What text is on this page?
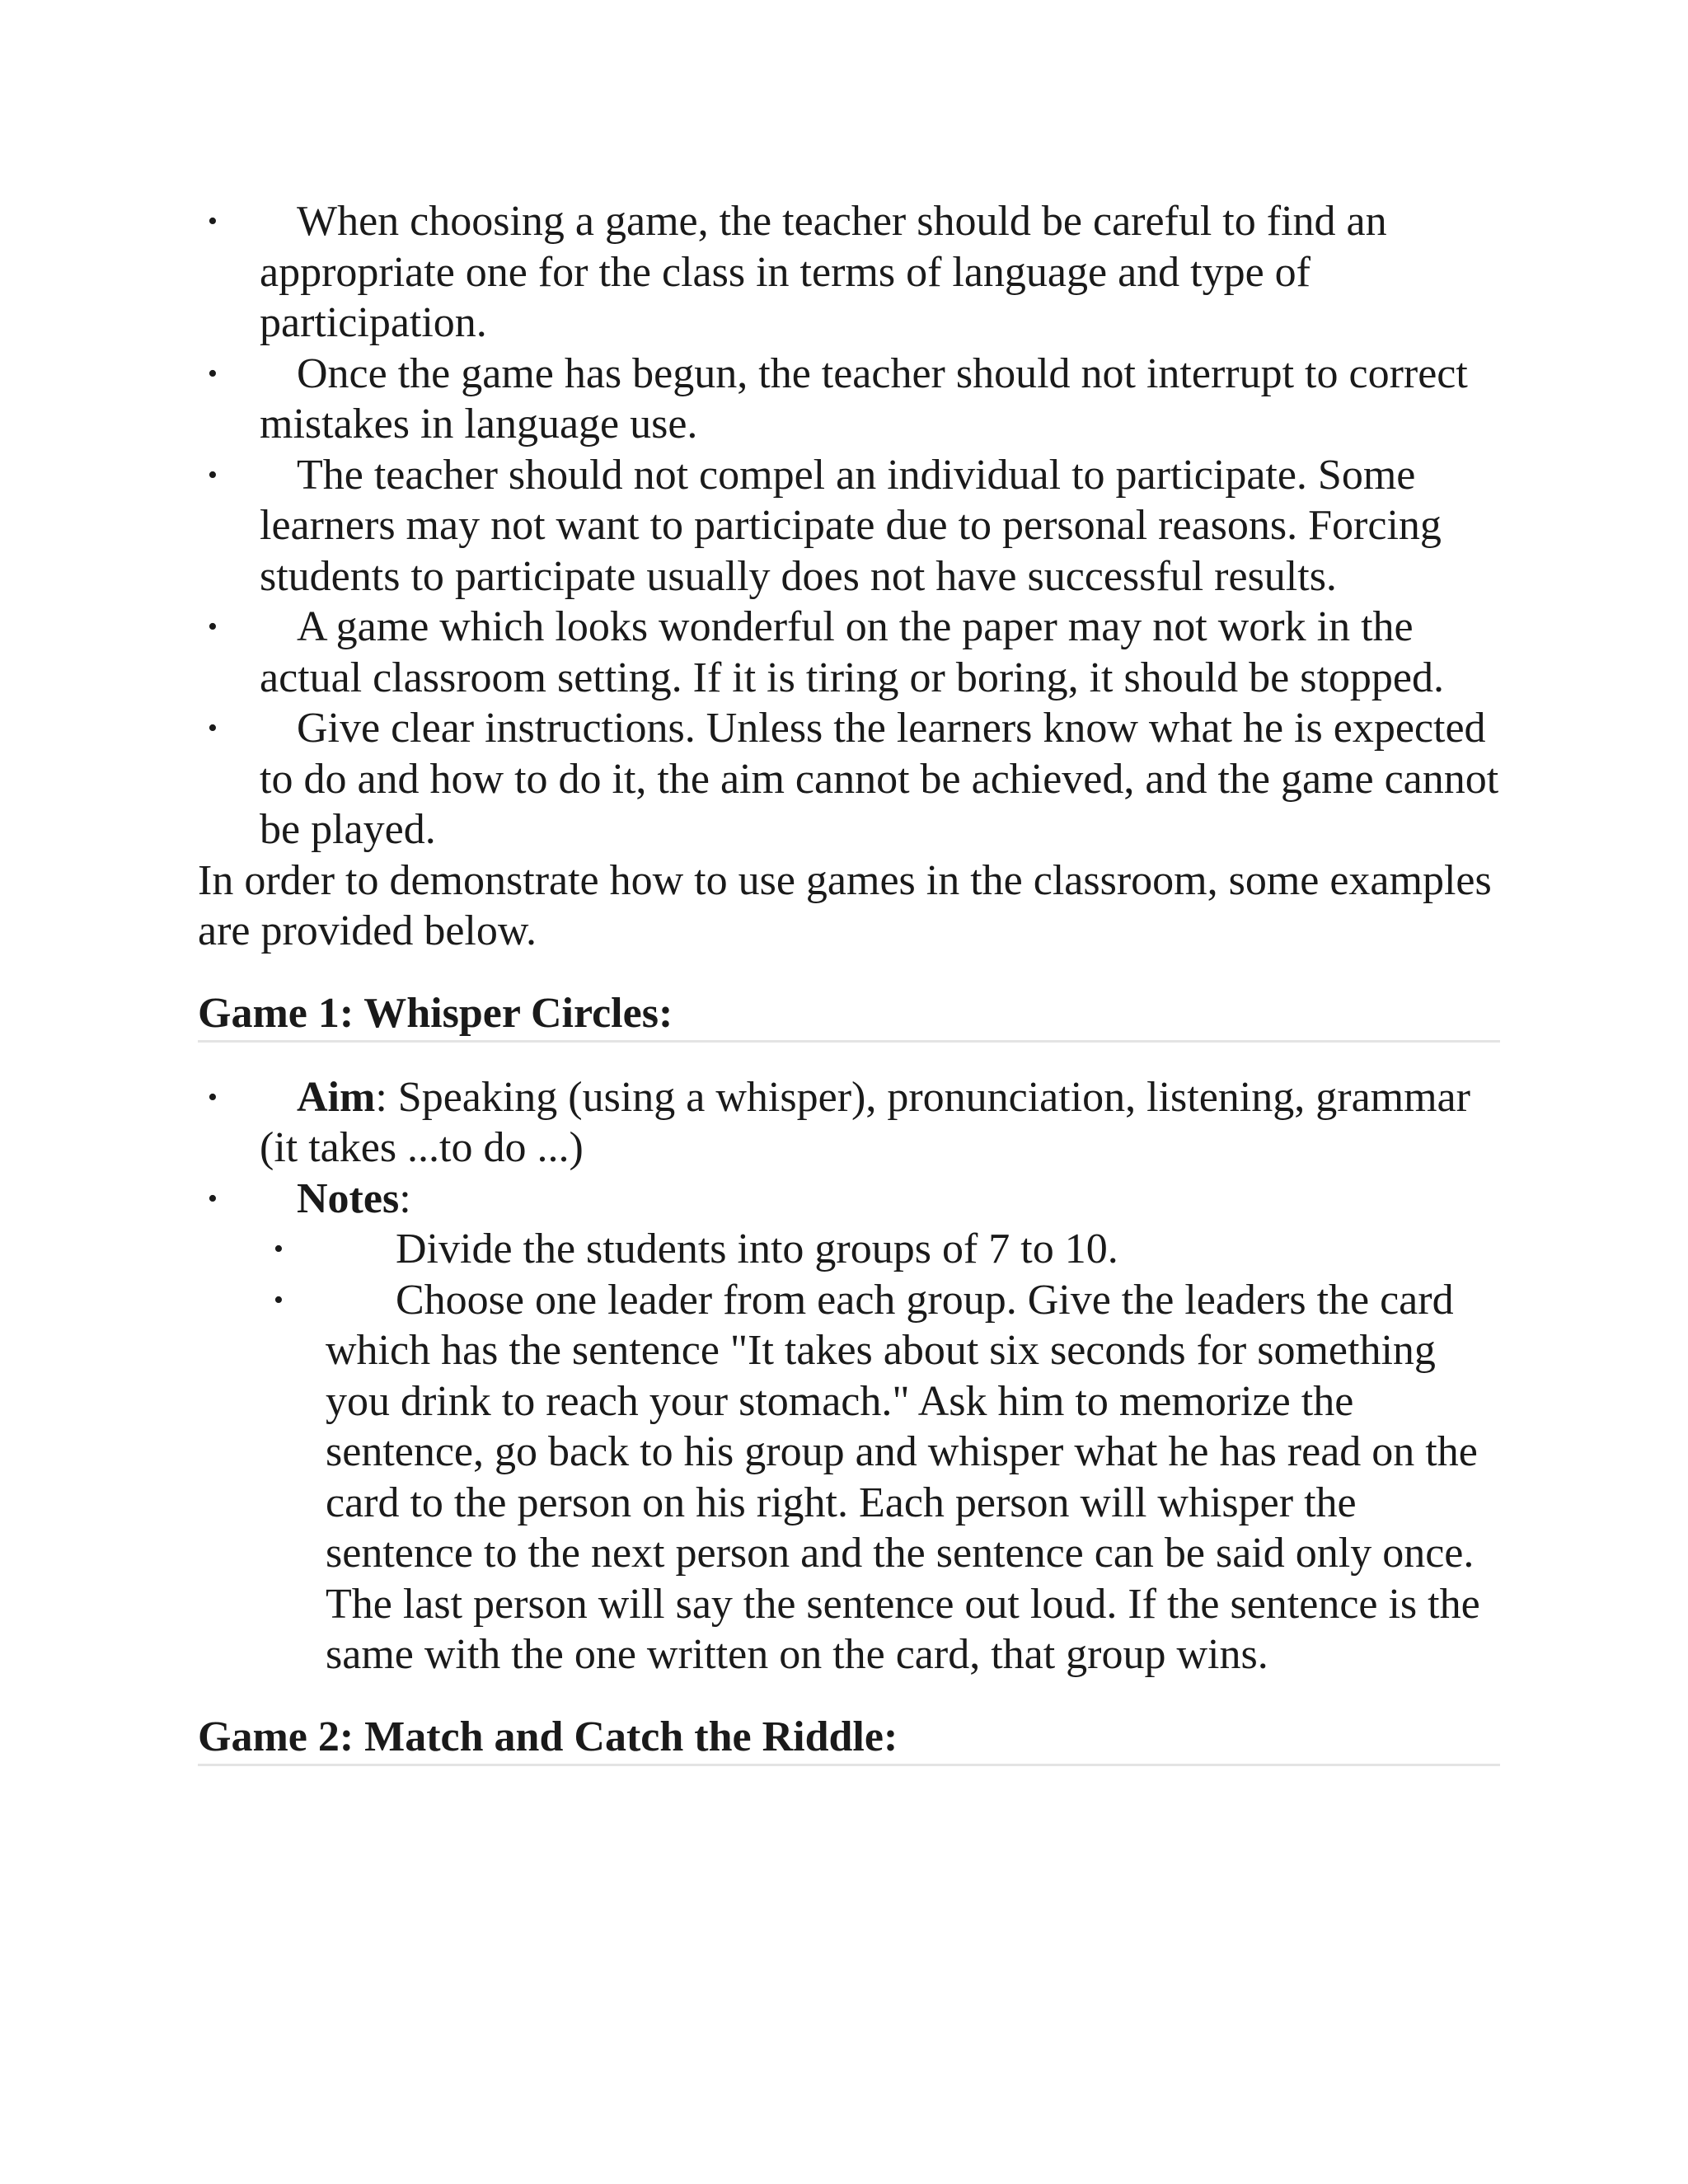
• When choosing a game, the teacher should be careful to find an appropriate one for the class in terms of language and type of participation.
• Once the game has begun, the teacher should not interrupt to correct mistakes in language use.
• The teacher should not compel an individual to participate. Some learners may not want to participate due to personal reasons. Forcing students to participate usually does not have successful results.
• A game which looks wonderful on the paper may not work in the actual classroom setting. If it is tiring or boring, it should be stopped.
• Give clear instructions. Unless the learners know what he is expected to do and how to do it, the aim cannot be achieved, and the game cannot be played.

In order to demonstrate how to use games in the classroom, some examples are provided below.

Game 1: Whisper Circles:
• Aim: Speaking (using a whisper), pronunciation, listening, grammar (it takes ...to do ...)
• Notes:
• Divide the students into groups of 7 to 10.
• Choose one leader from each group. Give the leaders the card which has the sentence "It takes about six seconds for something you drink to reach your stomach." Ask him to memorize the sentence, go back to his group and whisper what he has read on the card to the person on his right. Each person will whisper the sentence to the next person and the sentence can be said only once. The last person will say the sentence out loud. If the sentence is the same with the one written on the card, that group wins.
Game 2: Match and Catch the Riddle:
